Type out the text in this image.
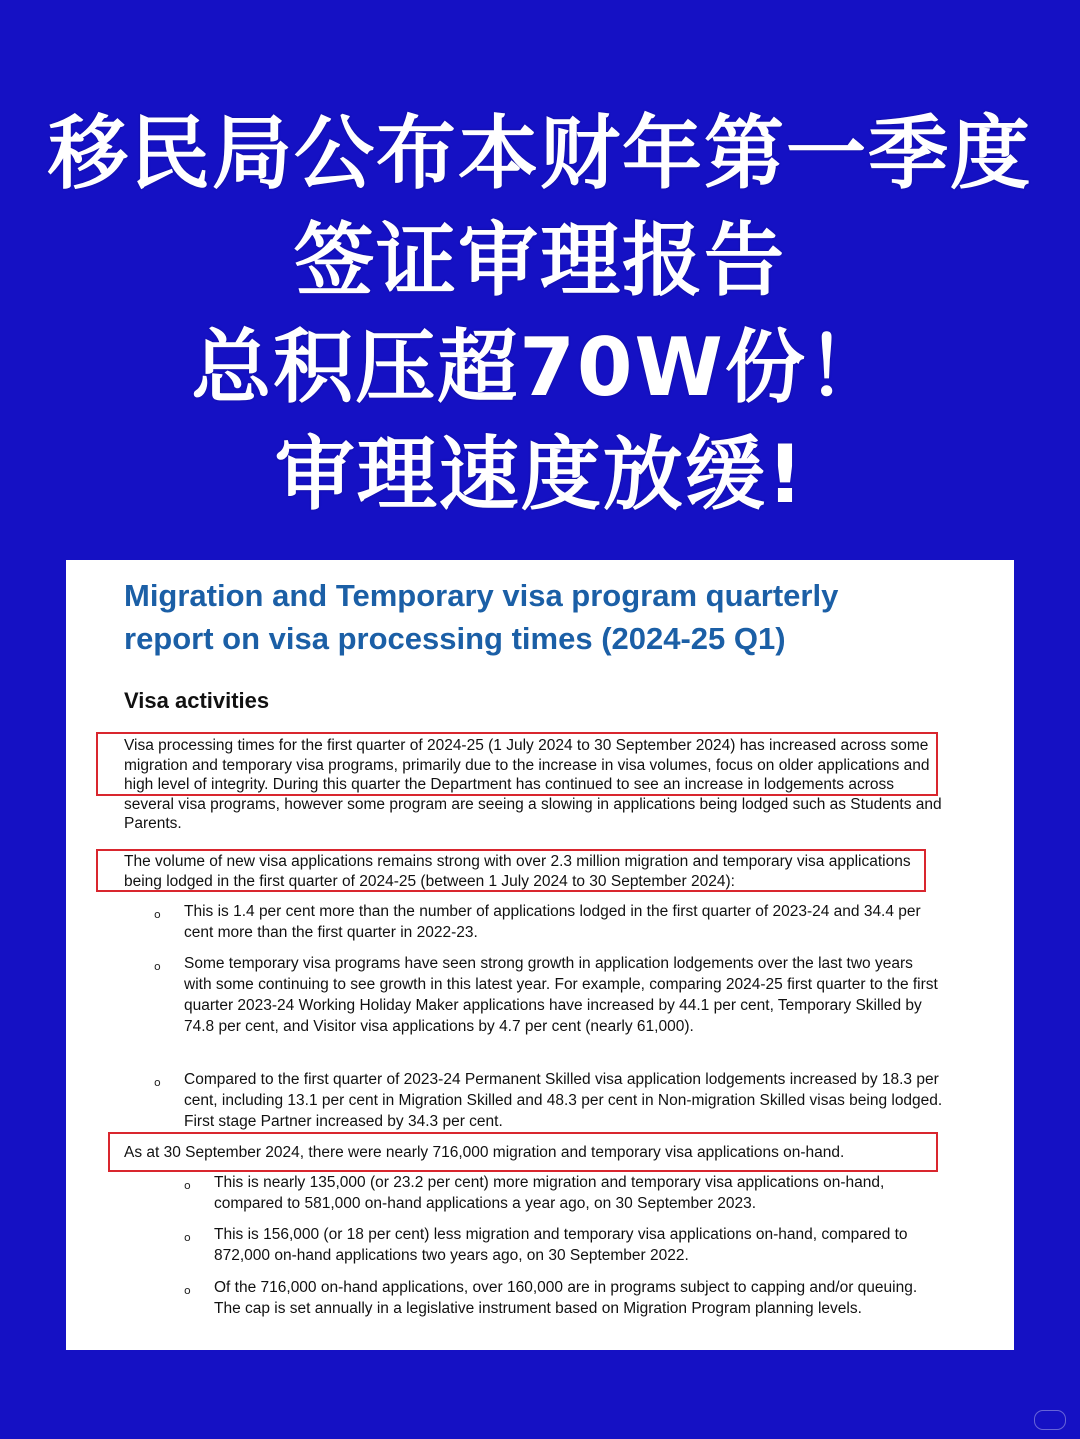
移民局公布本财年第一季度
签证审理报告
总积压超70W份！
审理速度放缓!
Migration and Temporary visa program quarterly
report on visa processing times (2024-25 Q1)
Visa activities

Visa processing times for the first quarter of 2024-25 (1 July 2024 to 30 September 2024) has increased across some migration and temporary visa programs, primarily due to the increase in visa volumes, focus on older applications and high level of integrity. During this quarter the Department has continued to see an increase in lodgements across several visa programs, however some program are seeing a slowing in applications being lodged such as Students and Parents.

The volume of new visa applications remains strong with over 2.3 million migration and temporary visa applications being lodged in the first quarter of 2024-25 (between 1 July 2024 to 30 September 2024):

o This is 1.4 per cent more than the number of applications lodged in the first quarter of 2023-24 and 34.4 per cent more than the first quarter in 2022-23.

o Some temporary visa programs have seen strong growth in application lodgements over the last two years with some continuing to see growth in this latest year. For example, comparing 2024-25 first quarter to the first quarter 2023-24 Working Holiday Maker applications have increased by 44.1 per cent, Temporary Skilled by 74.8 per cent, and Visitor visa applications by 4.7 per cent (nearly 61,000).

o Compared to the first quarter of 2023-24 Permanent Skilled visa application lodgements increased by 18.3 per cent, including 13.1 per cent in Migration Skilled and 48.3 per cent in Non-migration Skilled visas being lodged. First stage Partner increased by 34.3 per cent.

As at 30 September 2024, there were nearly 716,000 migration and temporary visa applications on-hand.

o This is nearly 135,000 (or 23.2 per cent) more migration and temporary visa applications on-hand, compared to 581,000 on-hand applications a year ago, on 30 September 2023.

o This is 156,000 (or 18 per cent) less migration and temporary visa applications on-hand, compared to 872,000 on-hand applications two years ago, on 30 September 2022.

o Of the 716,000 on-hand applications, over 160,000 are in programs subject to capping and/or queuing. The cap is set annually in a legislative instrument based on Migration Program planning levels.
